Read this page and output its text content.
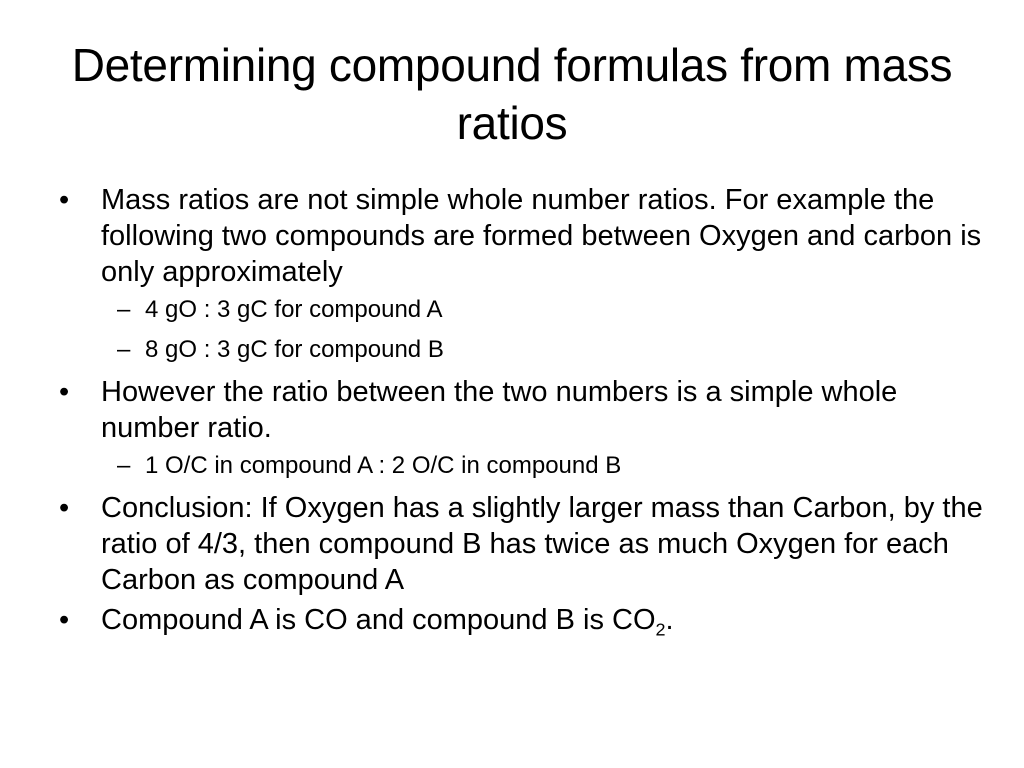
Determining compound formulas from mass ratios

•	Mass ratios are not simple whole number ratios. For example the following two compounds are formed between Oxygen and carbon is only approximately

– 4 gO : 3 gC for compound A

– 8 gO : 3 gC for compound B

•	However the ratio between the two numbers is a simple whole number ratio.

– 1 O/C in compound A : 2 O/C in compound B

•	Conclusion: If Oxygen has a slightly larger mass than Carbon, by the ratio of 4/3, then compound B has twice as much Oxygen for each Carbon as compound A

•	Compound A is CO and compound B is $CO_2$.
